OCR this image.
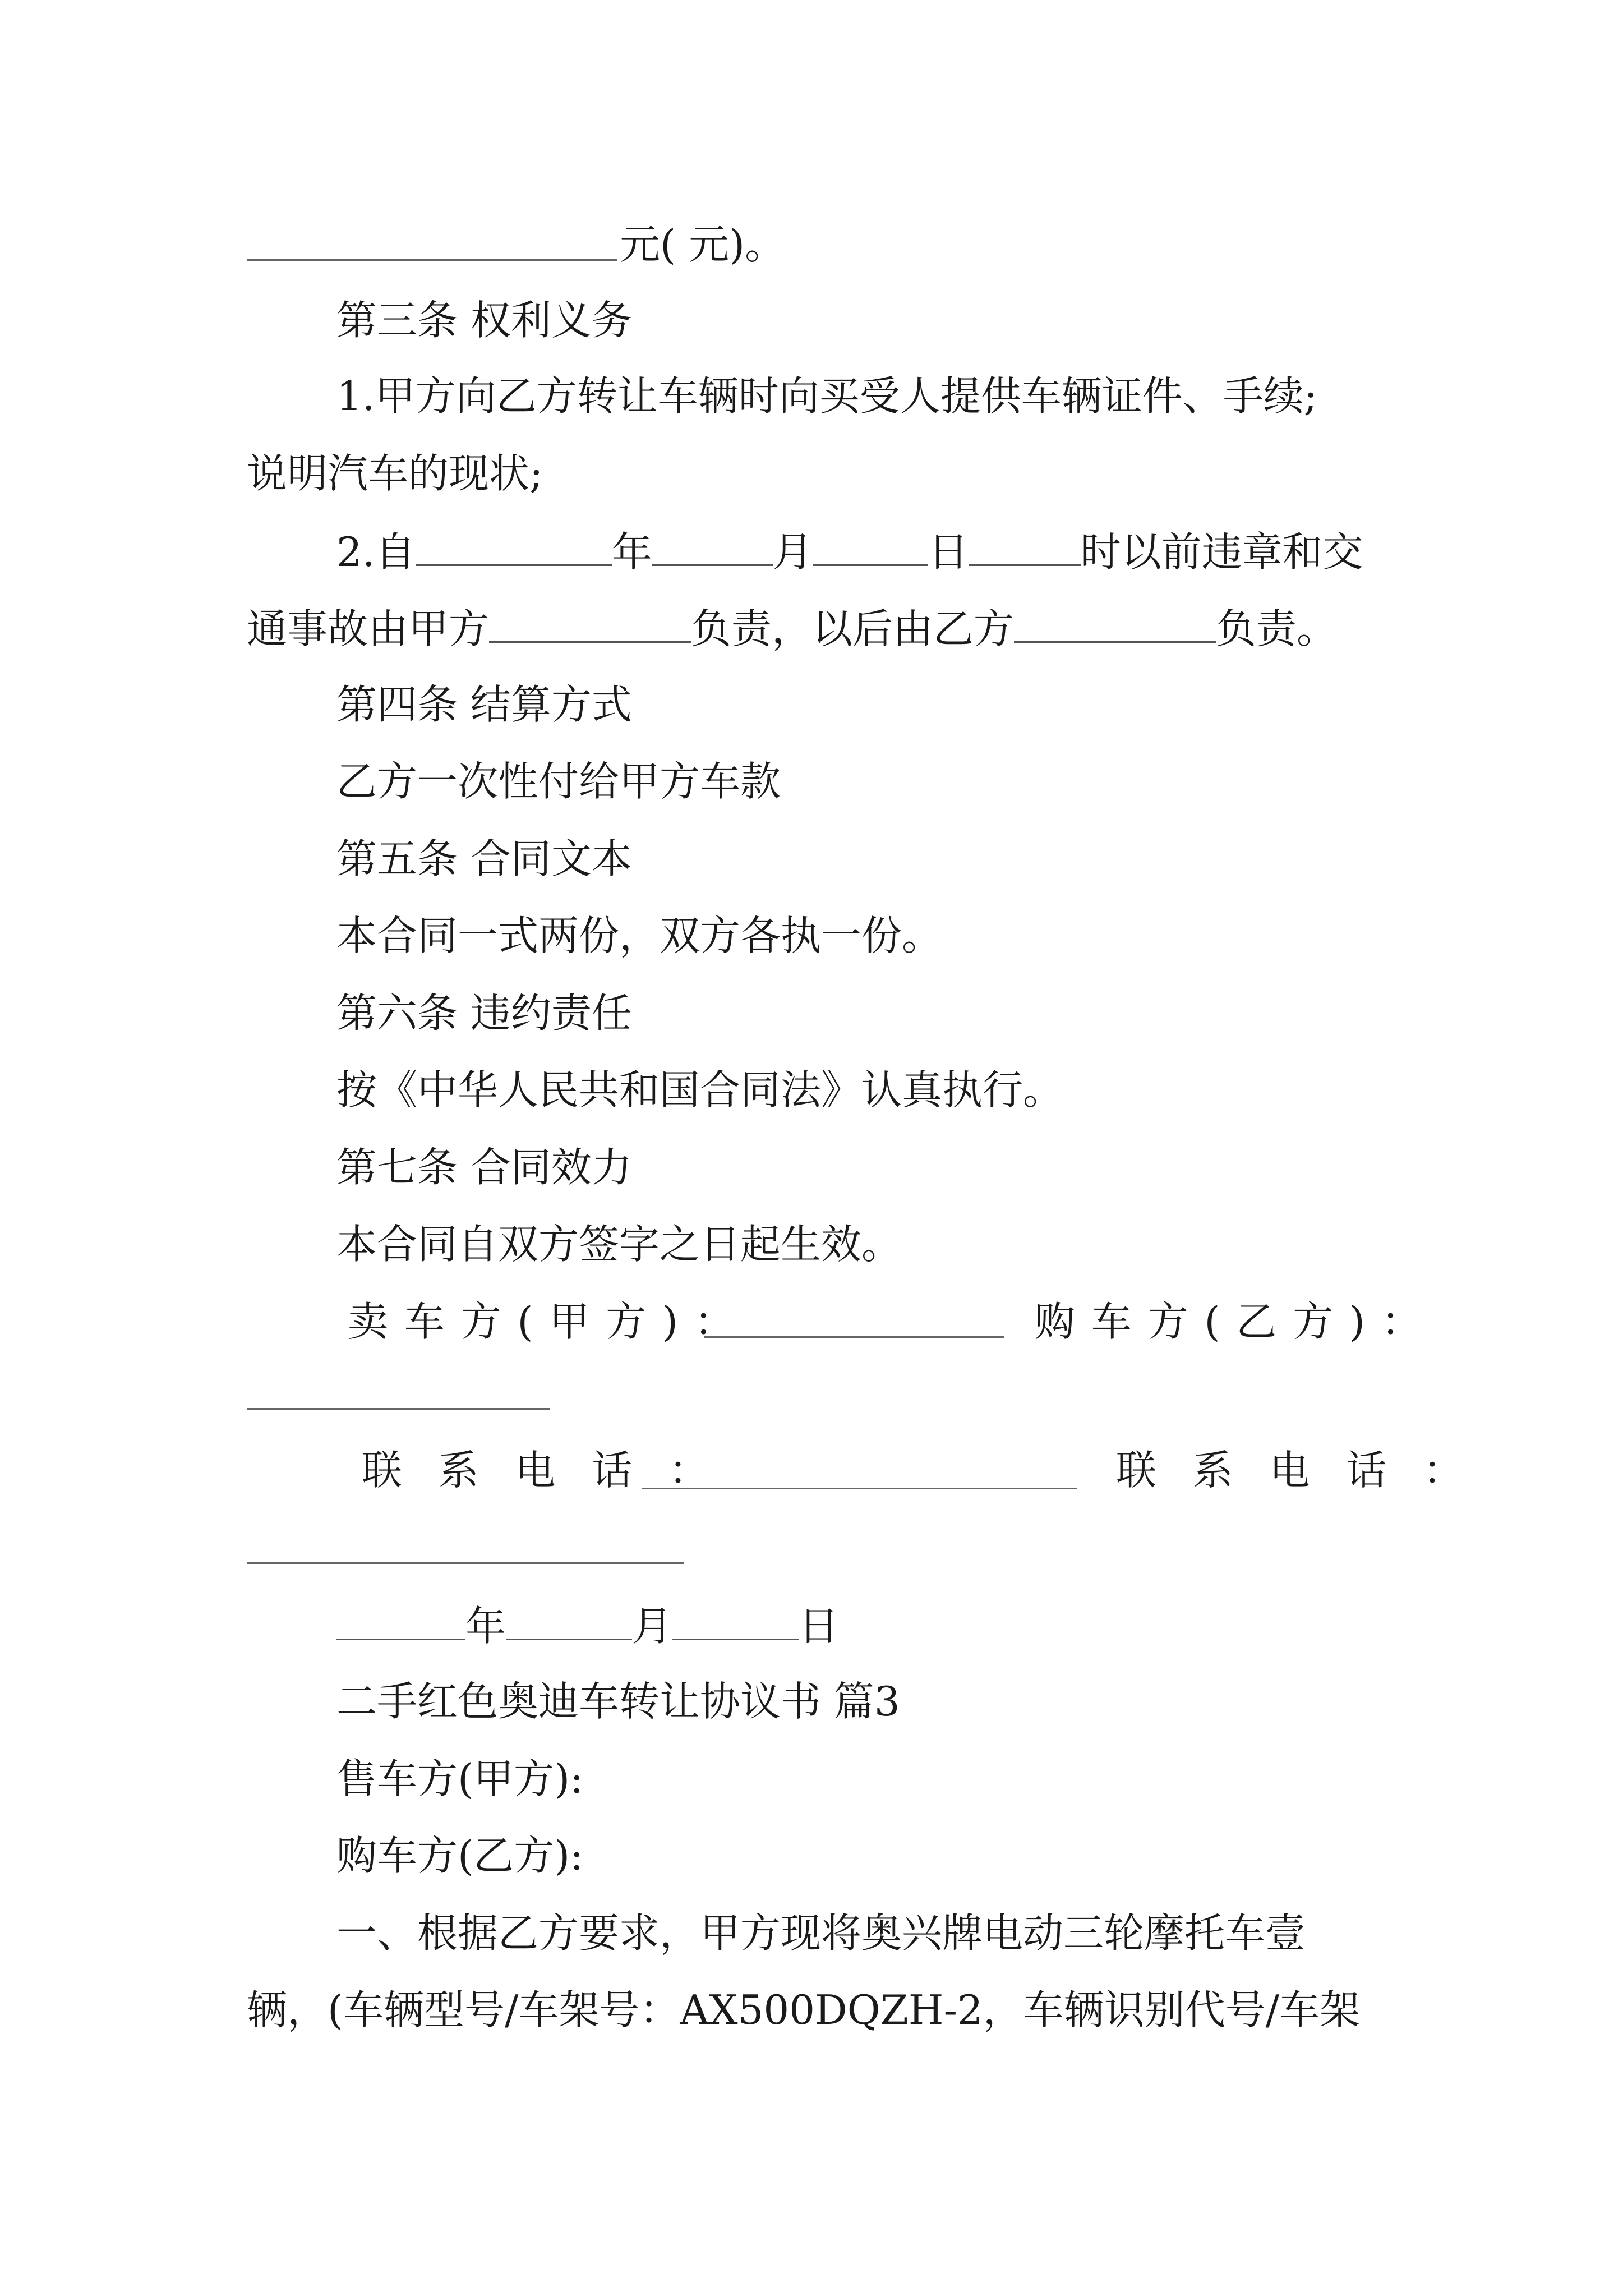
元( 元)。
第三条 权利义务
1.甲方向乙方转让车辆时向买受人提供车辆证件、手续;
说明汽车的现状;
2.自	年	月	日	时以前违章和交
通事故由甲方	负责，以后由乙方	负责。
第四条 结算方式
乙方一次性付给甲方车款
第五条 合同文本
本合同一式两份，双方各执一份。
第六条 违约责任
按《中华人民共和国合同法》认真执行。
第七条 合同效力
本合同自双方签字之日起生效。
卖车方(甲方)：	购车方(乙方)：
联系电话：	联系电话：
年	月	日
二手红色奥迪车转让协议书 篇3
售车方(甲方):
购车方(乙方):
一、根据乙方要求，甲方现将奥兴牌电动三轮摩托车壹
辆，(车辆型号/车架号：AX500DQZH-2，车辆识别代号/车架
